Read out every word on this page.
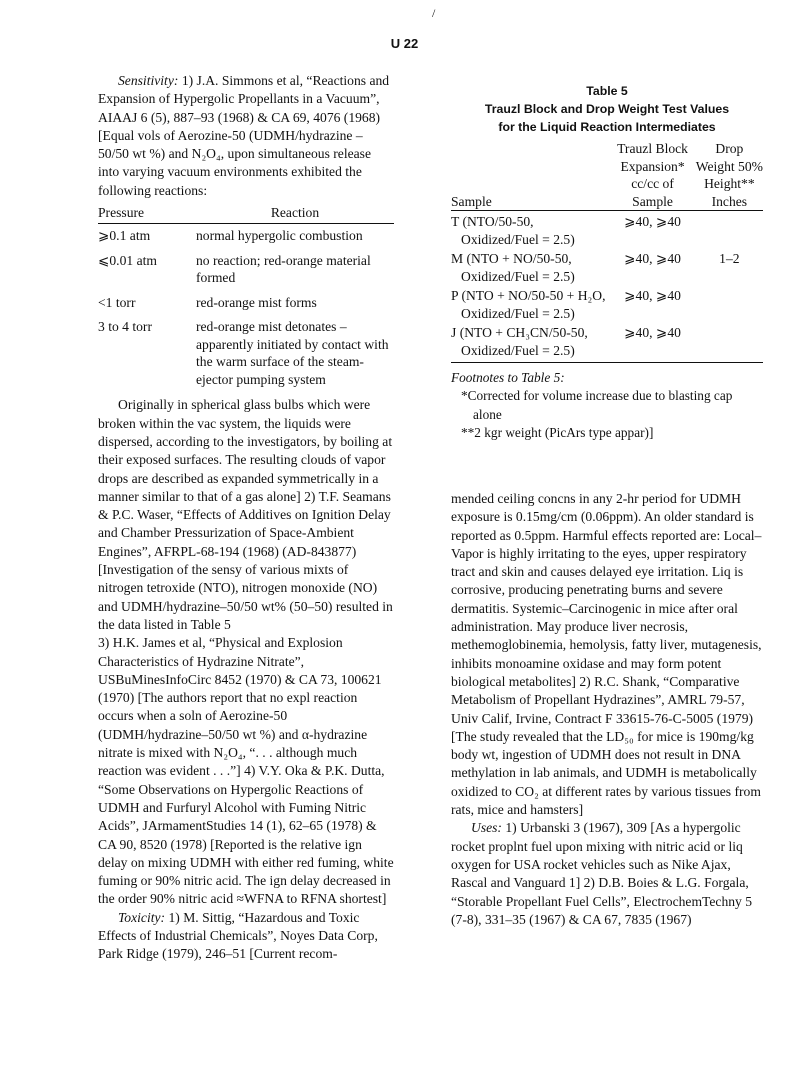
/
U 22

Sensitivity: 1) J.A. Simmons et al, “Reactions and Expansion of Hypergolic Propellants in a Vacuum”, AIAAJ 6 (5), 887–93 (1968) & CA 69, 4076 (1968) [Equal vols of Aerozine-50 (UDMH/hydrazine – 50/50 wt %) and N₂O₄, upon simultaneous release into varying vacuum environments exhibited the following reactions:

Pressure	Reaction
⩾0.1 atm	normal hypergolic combustion
⩽0.01 atm	no reaction; red-orange material formed
<1 torr	red-orange mist forms
3 to 4 torr	red-orange mist detonates – apparently initiated by contact with the warm surface of the steam-ejector pumping system

Originally in spherical glass bulbs which were broken within the vac system, the liquids were dispersed, according to the investigators, by boiling at their exposed surfaces. The resulting clouds of vapor drops are described as expanded symmetrically in a manner similar to that of a gas alone] 2) T.F. Seamans & P.C. Waser, “Effects of Additives on Ignition Delay and Chamber Pressurization of Space-Ambient Engines”, AFRPL-68-194 (1968) (AD-843877) [Investigation of the sensy of various mixts of nitrogen tetroxide (NTO), nitrogen monoxide (NO) and UDMH/hydrazine–50/50 wt% (50–50) resulted in the data listed in Table 5

3) H.K. James et al, “Physical and Explosion Characteristics of Hydrazine Nitrate”, USBuMinesInfoCirc 8452 (1970) & CA 73, 100621 (1970) [The authors report that no expl reaction occurs when a soln of Aerozine-50 (UDMH/hydrazine–50/50 wt %) and α-hydrazine nitrate is mixed with N₂O₄, “. . . although much reaction was evident . . .”] 4) V.Y. Oka & P.K. Dutta, “Some Observations on Hypergolic Reactions of UDMH and Furfuryl Alcohol with Fuming Nitric Acids”, JArmamentStudies 14 (1), 62–65 (1978) & CA 90, 8520 (1978) [Reported is the relative ign delay on mixing UDMH with either red fuming, white fuming or 90% nitric acid. The ign delay decreased in the order 90% nitric acid ≈WFNA to RFNA shortest]

Toxicity: 1) M. Sittig, “Hazardous and Toxic Effects of Industrial Chemicals”, Noyes Data Corp, Park Ridge (1979), 246–51 [Current recom-

Table 5
Trauzl Block and Drop Weight Test Values
for the Liquid Reaction Intermediates
Sample	Trauzl Block Expansion* cc/cc of Sample	Drop Weight 50% Height** Inches

T (NTO/50-50,
Oxidized/Fuel = 2.5)	⩾40, ⩾40	

M (NTO + NO/50-50,
Oxidized/Fuel = 2.5)	⩾40, ⩾40	1–2

P (NTO + NO/50-50 + H₂O,
Oxidized/Fuel = 2.5)	⩾40, ⩾40	

J (NTO + CH₃CN/50-50,
Oxidized/Fuel = 2.5)	⩾40, ⩾40	
Footnotes to Table 5:
*Corrected for volume increase due to blasting cap
alone
**2 kgr weight (PicArs type appar)]

mended ceiling concns in any 2-hr period for UDMH exposure is 0.15mg/cm (0.06ppm). An older standard is reported as 0.5ppm. Harmful effects reported are: Local–Vapor is highly irritating to the eyes, upper respiratory tract and skin and causes delayed eye irritation. Liq is corrosive, producing penetrating burns and severe dermatitis. Systemic–Carcinogenic in mice after oral administration. May produce liver necrosis, methemoglobinemia, hemolysis, fatty liver, mutagenesis, inhibits monoamine oxidase and may form potent biological metabolites] 2) R.C. Shank, “Comparative Metabolism of Propellant Hydrazines”, AMRL 79-57, Univ Calif, Irvine, Contract F 33615-76-C-5005 (1979) [The study revealed that the LD₅₀ for mice is 190mg/kg body wt, ingestion of UDMH does not result in DNA methylation in lab animals, and UDMH is metabolically oxidized to CO₂ at different rates by various tissues from rats, mice and hamsters]

Uses: 1) Urbanski 3 (1967), 309 [As a hypergolic rocket proplnt fuel upon mixing with nitric acid or liq oxygen for USA rocket vehicles such as Nike Ajax, Rascal and Vanguard 1] 2) D.B. Boies & L.G. Forgala, “Storable Propellant Fuel Cells”, ElectrochemTechny 5 (7-8), 331–35 (1967) & CA 67, 7835 (1967)
